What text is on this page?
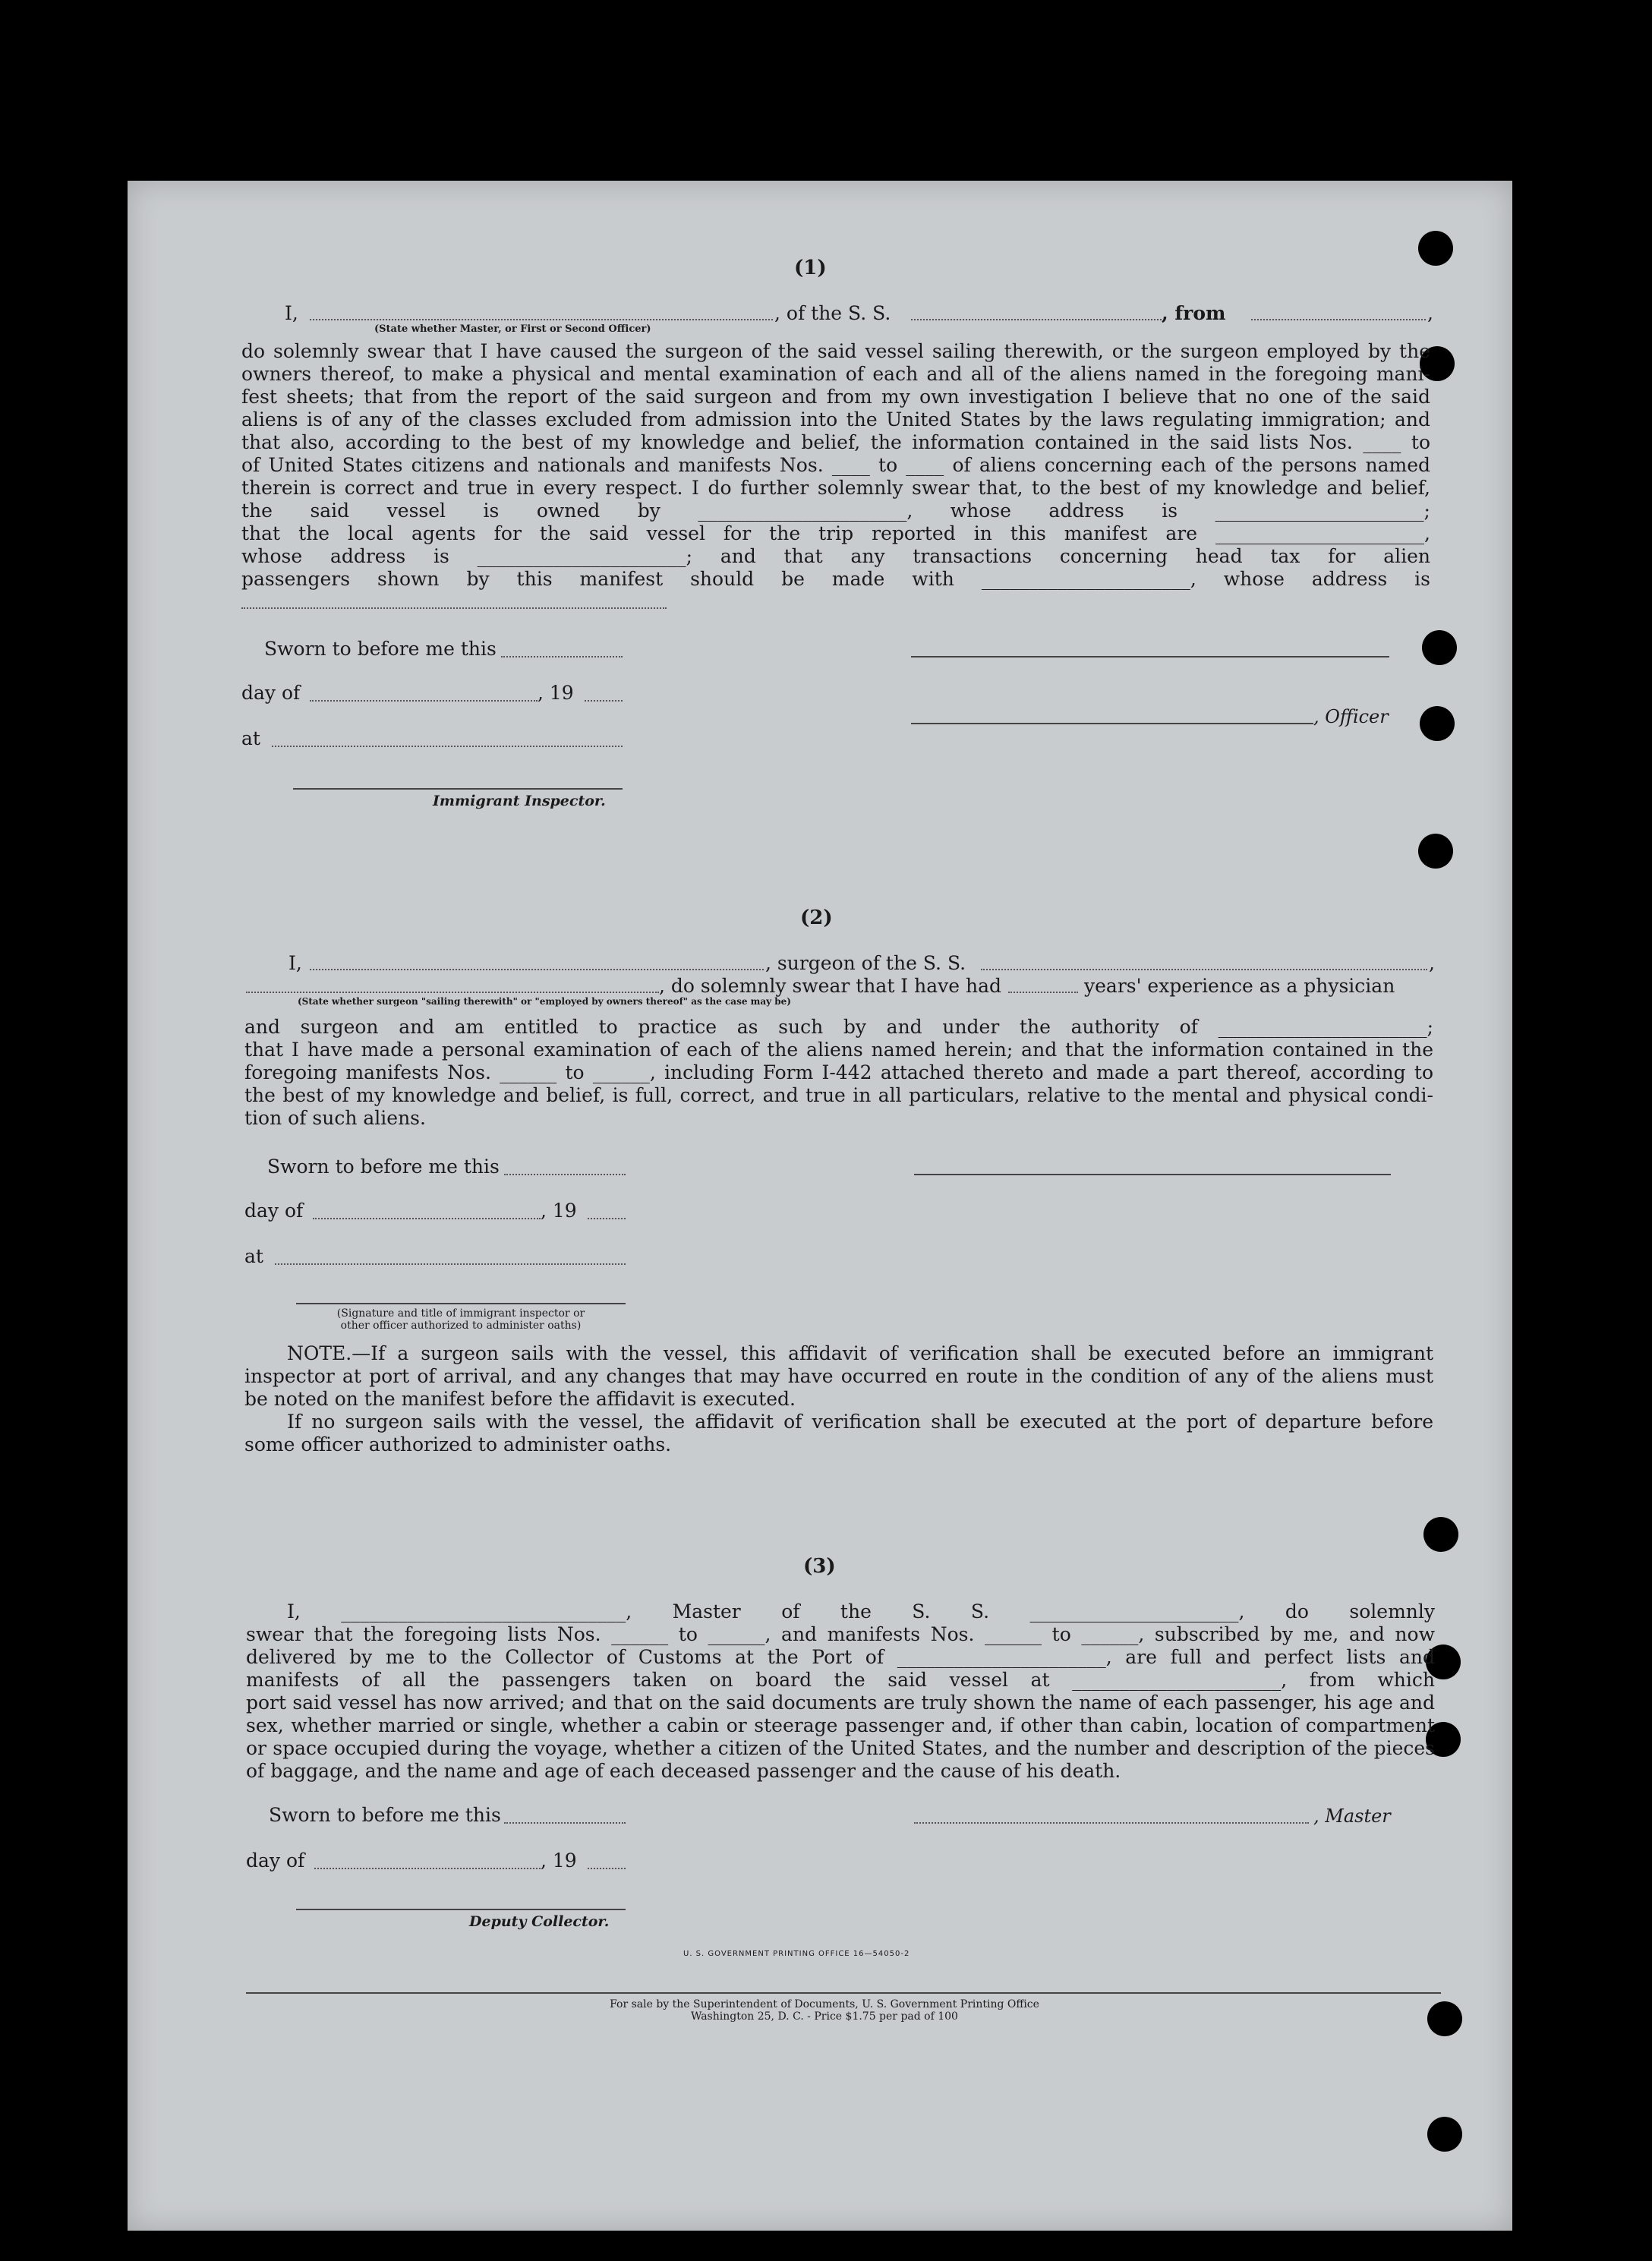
(1)
I,	, of the S. S.	, from	,
(State whether Master, or First or Second Officer)
do solemnly swear that I have caused the surgeon of the said vessel sailing therewith, or the surgeon employed by the
owners thereof, to make a physical and mental examination of each and all of the aliens named in the foregoing mani-
fest sheets; that from the report of the said surgeon and from my own investigation I believe that no one of the said
aliens is of any of the classes excluded from admission into the United States by the laws regulating immigration; and
that also, according to the best of my knowledge and belief, the information contained in the said lists Nos. ____ to
of United States citizens and nationals and manifests Nos. ____ to ____ of aliens concerning each of the persons named
therein is correct and true in every respect. I do further solemnly swear that, to the best of my knowledge and belief,
the said vessel is owned by ______________________, whose address is ______________________;
that the local agents for the said vessel for the trip reported in this manifest are ______________________,
whose address is ______________________; and that any transactions concerning head tax for alien
passengers shown by this manifest should be made with ______________________, whose address is
Sworn to before me this
day of	, 19
, Officer
at
Immigrant Inspector.
(2)
I,	, surgeon of the S. S.	,
, do solemnly swear that I have had	years' experience as a physician
(State whether surgeon "sailing therewith" or "employed by owners thereof" as the case may be)
and surgeon and am entitled to practice as such by and under the authority of ______________________;
that I have made a personal examination of each of the aliens named herein; and that the information contained in the
foregoing manifests Nos. ______ to ______, including Form I-442 attached thereto and made a part thereof, according to
the best of my knowledge and belief, is full, correct, and true in all particulars, relative to the mental and physical condi-
tion of such aliens.
Sworn to before me this
day of	, 19
at
(Signature and title of immigrant inspector or
other officer authorized to administer oaths)
NOTE.—If a surgeon sails with the vessel, this affidavit of verification shall be executed before an immigrant
inspector at port of arrival, and any changes that may have occurred en route in the condition of any of the aliens must
be noted on the manifest before the affidavit is executed.
If no surgeon sails with the vessel, the affidavit of verification shall be executed at the port of departure before
some officer authorized to administer oaths.
(3)
I, ______________________________, Master of the S. S. ______________________, do solemnly
swear that the foregoing lists Nos. ______ to ______, and manifests Nos. ______ to ______, subscribed by me, and now
delivered by me to the Collector of Customs at the Port of ______________________, are full and perfect lists and
manifests of all the passengers taken on board the said vessel at ______________________, from which
port said vessel has now arrived; and that on the said documents are truly shown the name of each passenger, his age and
sex, whether married or single, whether a cabin or steerage passenger and, if other than cabin, location of compartment
or space occupied during the voyage, whether a citizen of the United States, and the number and description of the pieces
of baggage, and the name and age of each deceased passenger and the cause of his death.
Sworn to before me this	, Master
day of	, 19
Deputy Collector.
U. S. GOVERNMENT PRINTING OFFICE 16—54050-2
For sale by the Superintendent of Documents, U. S. Government Printing Office
Washington 25, D. C. - Price $1.75 per pad of 100
